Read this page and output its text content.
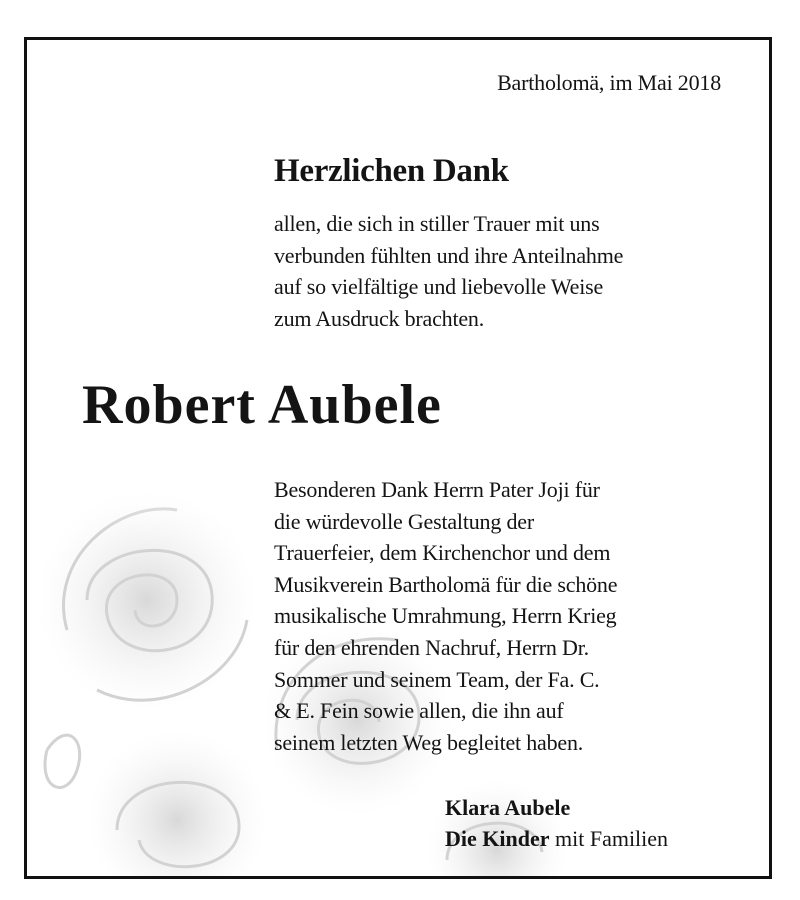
Bartholomä, im Mai 2018
Herzlichen Dank
allen, die sich in stiller Trauer mit uns
verbunden fühlten und ihre Anteilnahme
auf so vielfältige und liebevolle Weise
zum Ausdruck brachten.
Robert Aubele
Besonderen Dank Herrn Pater Joji für
die würdevolle Gestaltung der
Trauerfeier, dem Kirchenchor und dem
Musikverein Bartholomä für die schöne
musikalische Umrahmung, Herrn Krieg
für den ehrenden Nachruf, Herrn Dr.
Sommer und seinem Team, der Fa. C.
& E. Fein sowie allen, die ihn auf
seinem letzten Weg begleitet haben.
Klara Aubele
Die Kinder mit Familien
